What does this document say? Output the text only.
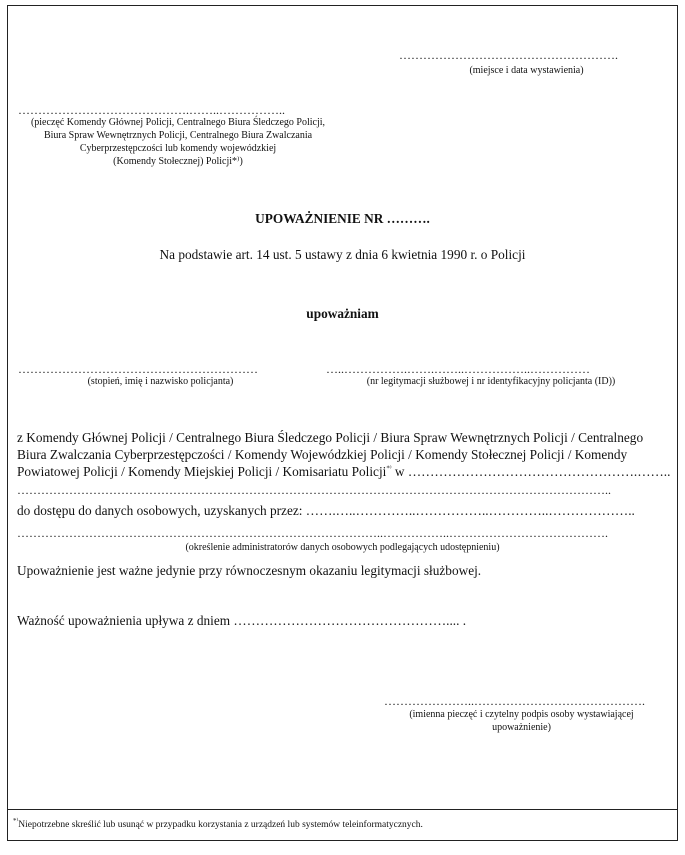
……………………………………………….
(miejsce i data wystawienia)
…………………………………….……..……………..
(pieczęć Komendy Głównej Policji, Centralnego Biura Śledczego Policji,
Biura Spraw Wewnętrznych Policji, Centralnego Biura Zwalczania
Cyberprzestępczości lub komendy wojewódzkiej
(Komendy Stołecznej) Policji*⁾)
UPOWAŻNIENIE NR ……….
Na podstawie art. 14 ust. 5 ustawy z dnia 6 kwietnia 1990 r. o Policji
upoważniam
……………………………………………………
(stopień, imię i nazwisko policjanta)
…..…………….…….……..……………..……………
(nr legitymacji służbowej i nr identyfikacyjny policjanta (ID))
z Komendy Głównej Policji / Centralnego Biura Śledczego Policji / Biura Spraw Wewnętrznych Policji / Centralnego
Biura Zwalczania Cyberprzestępczości / Komendy Wojewódzkiej Policji / Komendy Stołecznej Policji / Komendy
Powiatowej Policji / Komendy Miejskiej Policji / Komisariatu Policji*⁾ w …………………………………………….……..
…………………………………………………………………………………………………………………………………..
do dostępu do danych osobowych, uzyskanych przez: …….…..…………..……………..…………..………………..
………………………………………………………………………………..……………..………………………………….
(określenie administratorów danych osobowych podlegających udostępnieniu)
Upoważnienie jest ważne jedynie przy równoczesnym okazaniu legitymacji służbowej.
Ważność upoważnienia upływa z dniem ………………………………………….... .
…………………..…………………………………….
(imienna pieczęć i czytelny podpis osoby wystawiającej
upoważnienie)
*⁾Niepotrzebne skreślić lub usunąć w przypadku korzystania z urządzeń lub systemów teleinformatycznych.
